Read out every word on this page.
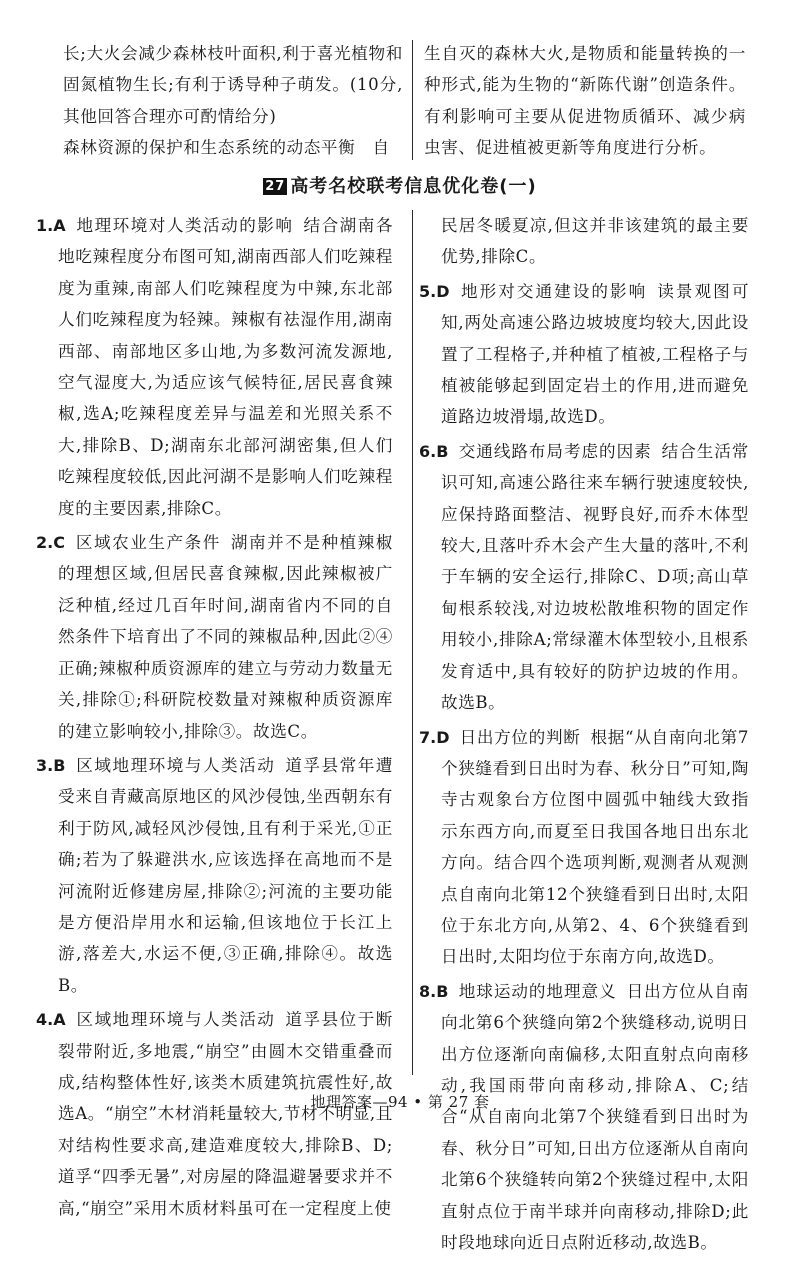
长;大火会减少森林枝叶面积,利于喜光植物和固氮植物生长;有利于诱导种子萌发。(10分,其他回答合理亦可酌情给分)
森林资源的保护和生态系统的动态平衡　自
生自灭的森林大火,是物质和能量转换的一种形式,能为生物的“新陈代谢”创造条件。有利影响可主要从促进物质循环、减少病虫害、促进植被更新等角度进行分析。
27 高考名校联考信息优化卷(一)
1.A 地理环境对人类活动的影响 结合湖南各地吃辣程度分布图可知,湖南西部人们吃辣程度为重辣,南部人们吃辣程度为中辣,东北部人们吃辣程度为轻辣。辣椒有祛湿作用,湖南西部、南部地区多山地,为多数河流发源地,空气湿度大,为适应该气候特征,居民喜食辣椒,选A;吃辣程度差异与温差和光照关系不大,排除B、D;湖南东北部河湖密集,但人们吃辣程度较低,因此河湖不是影响人们吃辣程度的主要因素,排除C。
2.C 区域农业生产条件 湖南并不是种植辣椒的理想区域,但居民喜食辣椒,因此辣椒被广泛种植,经过几百年时间,湖南省内不同的自然条件下培育出了不同的辣椒品种,因此②④正确;辣椒种质资源库的建立与劳动力数量无关,排除①;科研院校数量对辣椒种质资源库的建立影响较小,排除③。故选C。
3.B 区域地理环境与人类活动 道孚县常年遭受来自青藏高原地区的风沙侵蚀,坐西朝东有利于防风,减轻风沙侵蚀,且有利于采光,①正确;若为了躲避洪水,应该选择在高地而不是河流附近修建房屋,排除②;河流的主要功能是方便沿岸用水和运输,但该地位于长江上游,落差大,水运不便,③正确,排除④。故选B。
4.A 区域地理环境与人类活动 道孚县位于断裂带附近,多地震,“崩空”由圆木交错重叠而成,结构整体性好,该类木质建筑抗震性好,故选A。“崩空”木材消耗量较大,节材不明显,且对结构性要求高,建造难度较大,排除B、D;道孚“四季无暑”,对房屋的降温避暑要求并不高,“崩空”采用木质材料虽可在一定程度上使
民居冬暖夏凉,但这并非该建筑的最主要优势,排除C。
5.D 地形对交通建设的影响 读景观图可知,两处高速公路边坡坡度均较大,因此设置了工程格子,并种植了植被,工程格子与植被能够起到固定岩土的作用,进而避免道路边坡滑塌,故选D。
6.B 交通线路布局考虑的因素 结合生活常识可知,高速公路往来车辆行驶速度较快,应保持路面整洁、视野良好,而乔木体型较大,且落叶乔木会产生大量的落叶,不利于车辆的安全运行,排除C、D项;高山草甸根系较浅,对边坡松散堆积物的固定作用较小,排除A;常绿灌木体型较小,且根系发育适中,具有较好的防护边坡的作用。故选B。
7.D 日出方位的判断 根据“从自南向北第7个狭缝看到日出时为春、秋分日”可知,陶寺古观象台方位图中圆弧中轴线大致指示东西方向,而夏至日我国各地日出东北方向。结合四个选项判断,观测者从观测点自南向北第12个狭缝看到日出时,太阳位于东北方向,从第2、4、6个狭缝看到日出时,太阳均位于东南方向,故选D。
8.B 地球运动的地理意义 日出方位从自南向北第6个狭缝向第2个狭缝移动,说明日出方位逐渐向南偏移,太阳直射点向南移动,我国雨带向南移动,排除A、C;结合“从自南向北第7个狭缝看到日出时为春、秋分日”可知,日出方位逐渐从自南向北第6个狭缝转向第2个狭缝过程中,太阳直射点位于南半球并向南移动,排除D;此时段地球向近日点附近移动,故选B。
地理答案—94 • 第 27 套
